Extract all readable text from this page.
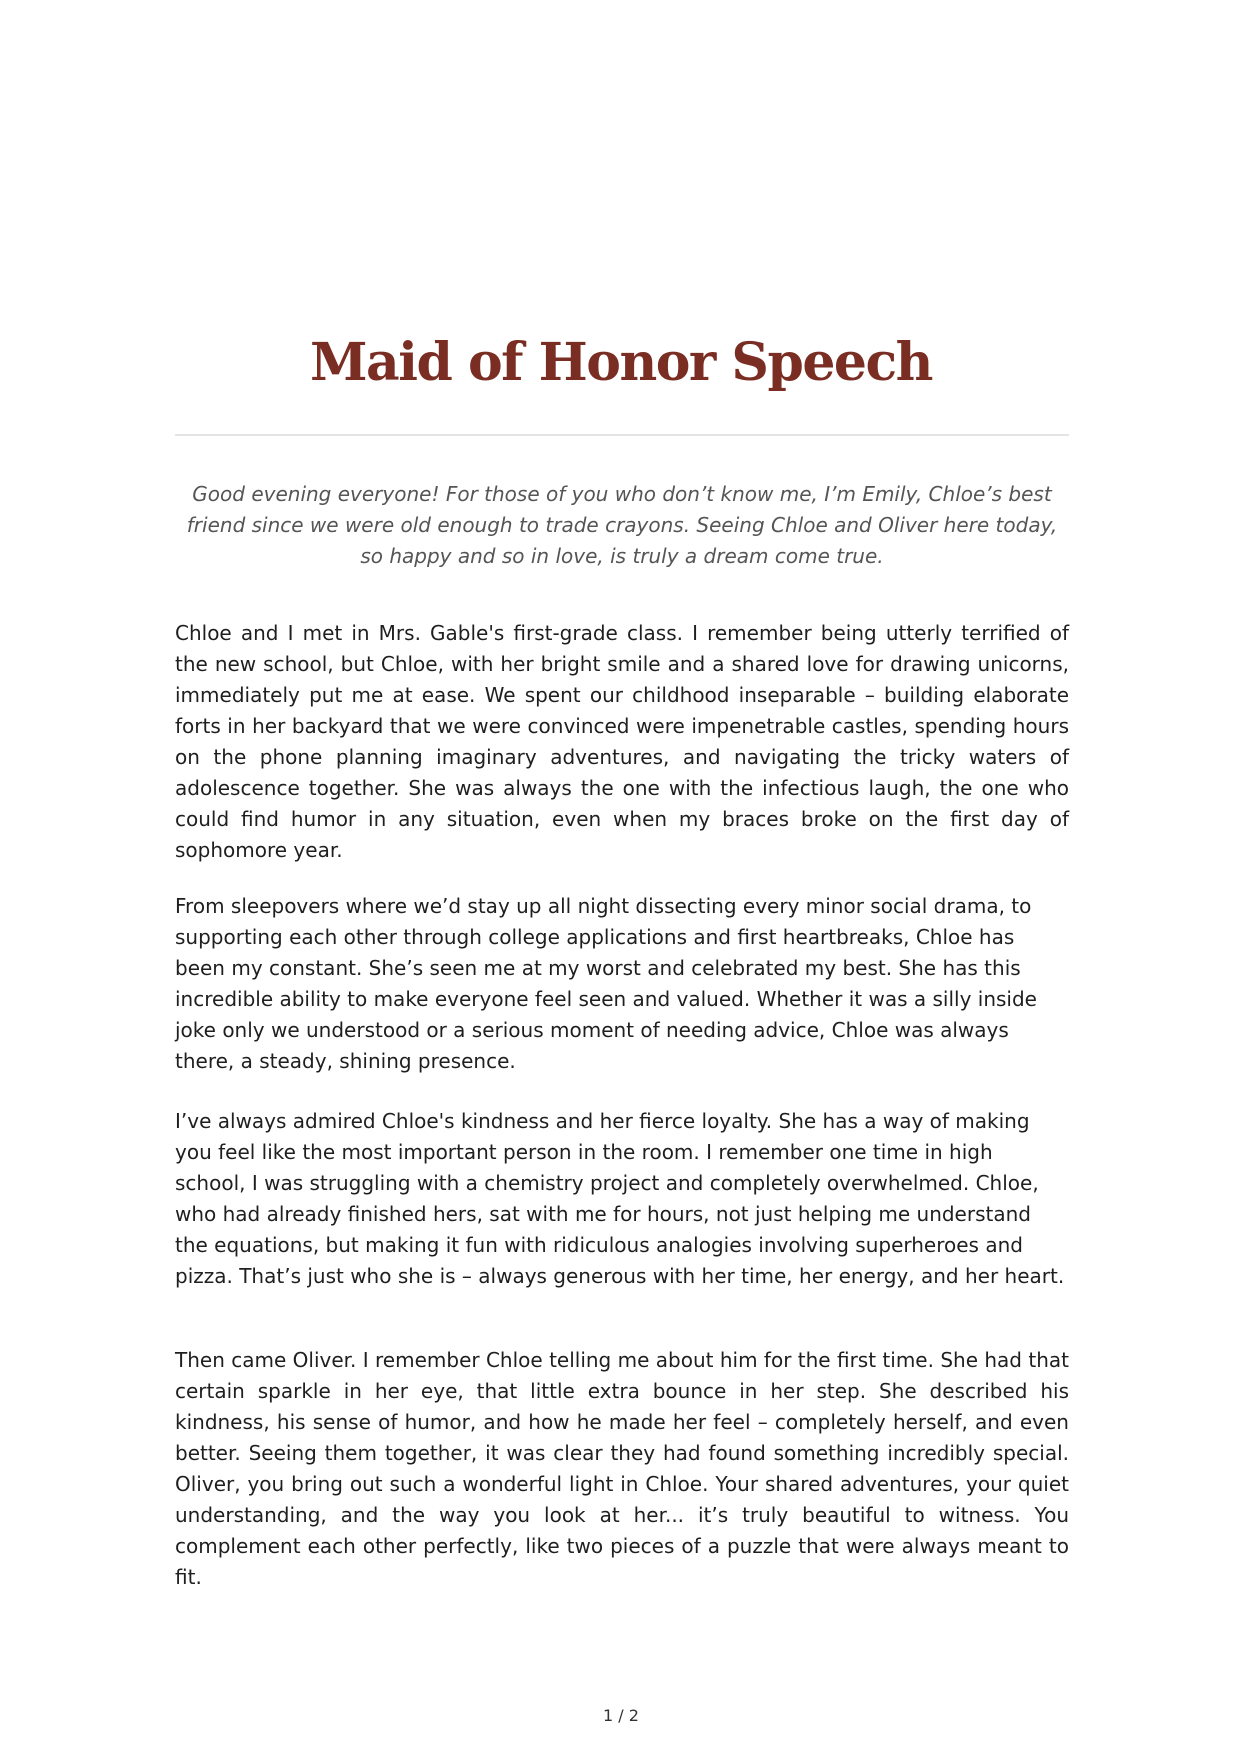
Maid of Honor Speech

Good evening everyone! For those of you who don’t know me, I’m Emily, Chloe’s best friend since we were old enough to trade crayons. Seeing Chloe and Oliver here today, so happy and so in love, is truly a dream come true.

Chloe and I met in Mrs. Gable's first-grade class. I remember being utterly terrified of the new school, but Chloe, with her bright smile and a shared love for drawing unicorns, immediately put me at ease. We spent our childhood inseparable – building elaborate forts in her backyard that we were convinced were impenetrable castles, spending hours on the phone planning imaginary adventures, and navigating the tricky waters of adolescence together. She was always the one with the infectious laugh, the one who could find humor in any situation, even when my braces broke on the first day of sophomore year.

From sleepovers where we’d stay up all night dissecting every minor social drama, to supporting each other through college applications and first heartbreaks, Chloe has been my constant. She’s seen me at my worst and celebrated my best. She has this incredible ability to make everyone feel seen and valued. Whether it was a silly inside joke only we understood or a serious moment of needing advice, Chloe was always there, a steady, shining presence.

I’ve always admired Chloe's kindness and her fierce loyalty. She has a way of making you feel like the most important person in the room. I remember one time in high school, I was struggling with a chemistry project and completely overwhelmed. Chloe, who had already finished hers, sat with me for hours, not just helping me understand the equations, but making it fun with ridiculous analogies involving superheroes and pizza. That’s just who she is – always generous with her time, her energy, and her heart.

Then came Oliver. I remember Chloe telling me about him for the first time. She had that certain sparkle in her eye, that little extra bounce in her step. She described his kindness, his sense of humor, and how he made her feel – completely herself, and even better. Seeing them together, it was clear they had found something incredibly special. Oliver, you bring out such a wonderful light in Chloe. Your shared adventures, your quiet understanding, and the way you look at her... it’s truly beautiful to witness. You complement each other perfectly, like two pieces of a puzzle that were always meant to fit.

1 / 2
